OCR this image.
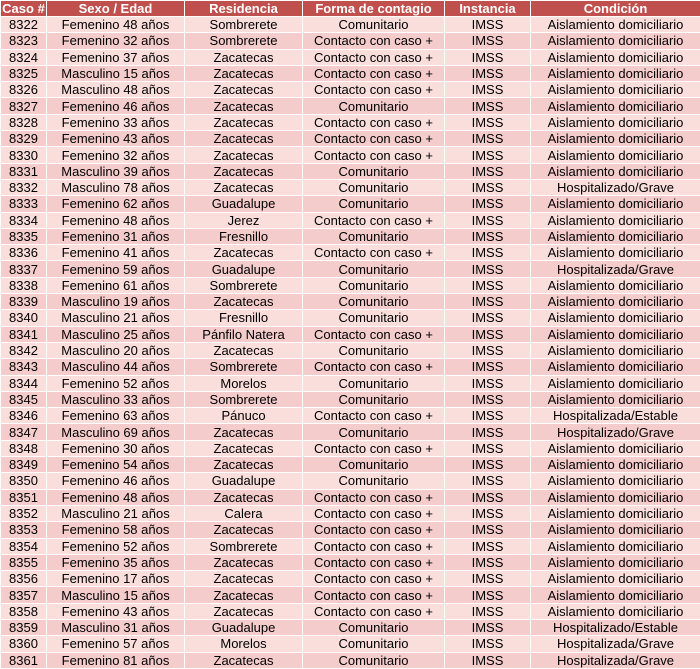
Caso #	Sexo / Edad	Residencia	Forma de contagio	Instancia	Condición
8322	Femenino 48 años	Sombrerete	Comunitario	IMSS	Aislamiento domiciliario
8323	Femenino 32 años	Sombrerete	Contacto con caso +	IMSS	Aislamiento domiciliario
8324	Femenino 37 años	Zacatecas	Contacto con caso +	IMSS	Aislamiento domiciliario
8325	Masculino 15 años	Zacatecas	Contacto con caso +	IMSS	Aislamiento domiciliario
8326	Masculino 48 años	Zacatecas	Contacto con caso +	IMSS	Aislamiento domiciliario
8327	Femenino 46 años	Zacatecas	Comunitario	IMSS	Aislamiento domiciliario
8328	Femenino 33 años	Zacatecas	Contacto con caso +	IMSS	Aislamiento domiciliario
8329	Femenino 43 años	Zacatecas	Contacto con caso +	IMSS	Aislamiento domiciliario
8330	Femenino 32 años	Zacatecas	Contacto con caso +	IMSS	Aislamiento domiciliario
8331	Masculino 39 años	Zacatecas	Comunitario	IMSS	Aislamiento domiciliario
8332	Masculino 78 años	Zacatecas	Comunitario	IMSS	Hospitalizado/Grave
8333	Femenino 62 años	Guadalupe	Comunitario	IMSS	Aislamiento domiciliario
8334	Femenino 48 años	Jerez	Contacto con caso +	IMSS	Aislamiento domiciliario
8335	Femenino 31 años	Fresnillo	Comunitario	IMSS	Aislamiento domiciliario
8336	Femenino 41 años	Zacatecas	Contacto con caso +	IMSS	Aislamiento domiciliario
8337	Femenino 59 años	Guadalupe	Comunitario	IMSS	Hospitalizada/Grave
8338	Femenino 61 años	Sombrerete	Comunitario	IMSS	Aislamiento domiciliario
8339	Masculino 19 años	Zacatecas	Comunitario	IMSS	Aislamiento domiciliario
8340	Masculino 21 años	Fresnillo	Comunitario	IMSS	Aislamiento domiciliario
8341	Masculino 25 años	Pánfilo Natera	Contacto con caso +	IMSS	Aislamiento domiciliario
8342	Masculino 20 años	Zacatecas	Comunitario	IMSS	Aislamiento domiciliario
8343	Masculino 44 años	Sombrerete	Contacto con caso +	IMSS	Aislamiento domiciliario
8344	Femenino 52 años	Morelos	Comunitario	IMSS	Aislamiento domiciliario
8345	Masculino 33 años	Sombrerete	Comunitario	IMSS	Aislamiento domiciliario
8346	Femenino 63 años	Pánuco	Contacto con caso +	IMSS	Hospitalizada/Estable
8347	Masculino 69 años	Zacatecas	Comunitario	IMSS	Hospitalizado/Grave
8348	Femenino 30 años	Zacatecas	Contacto con caso +	IMSS	Aislamiento domiciliario
8349	Femenino 54 años	Zacatecas	Comunitario	IMSS	Aislamiento domiciliario
8350	Femenino 46 años	Guadalupe	Comunitario	IMSS	Aislamiento domiciliario
8351	Femenino 48 años	Zacatecas	Contacto con caso +	IMSS	Aislamiento domiciliario
8352	Masculino 21 años	Calera	Contacto con caso +	IMSS	Aislamiento domiciliario
8353	Femenino 58 años	Zacatecas	Contacto con caso +	IMSS	Aislamiento domiciliario
8354	Femenino 52 años	Sombrerete	Contacto con caso +	IMSS	Aislamiento domiciliario
8355	Femenino 35 años	Zacatecas	Contacto con caso +	IMSS	Aislamiento domiciliario
8356	Femenino 17 años	Zacatecas	Contacto con caso +	IMSS	Aislamiento domiciliario
8357	Masculino 15 años	Zacatecas	Contacto con caso +	IMSS	Aislamiento domiciliario
8358	Femenino 43 años	Zacatecas	Contacto con caso +	IMSS	Aislamiento domiciliario
8359	Masculino 31 años	Guadalupe	Comunitario	IMSS	Hospitalizado/Estable
8360	Femenino 57 años	Morelos	Comunitario	IMSS	Hospitalizada/Grave
8361	Femenino 81 años	Zacatecas	Comunitario	IMSS	Hospitalizada/Grave
